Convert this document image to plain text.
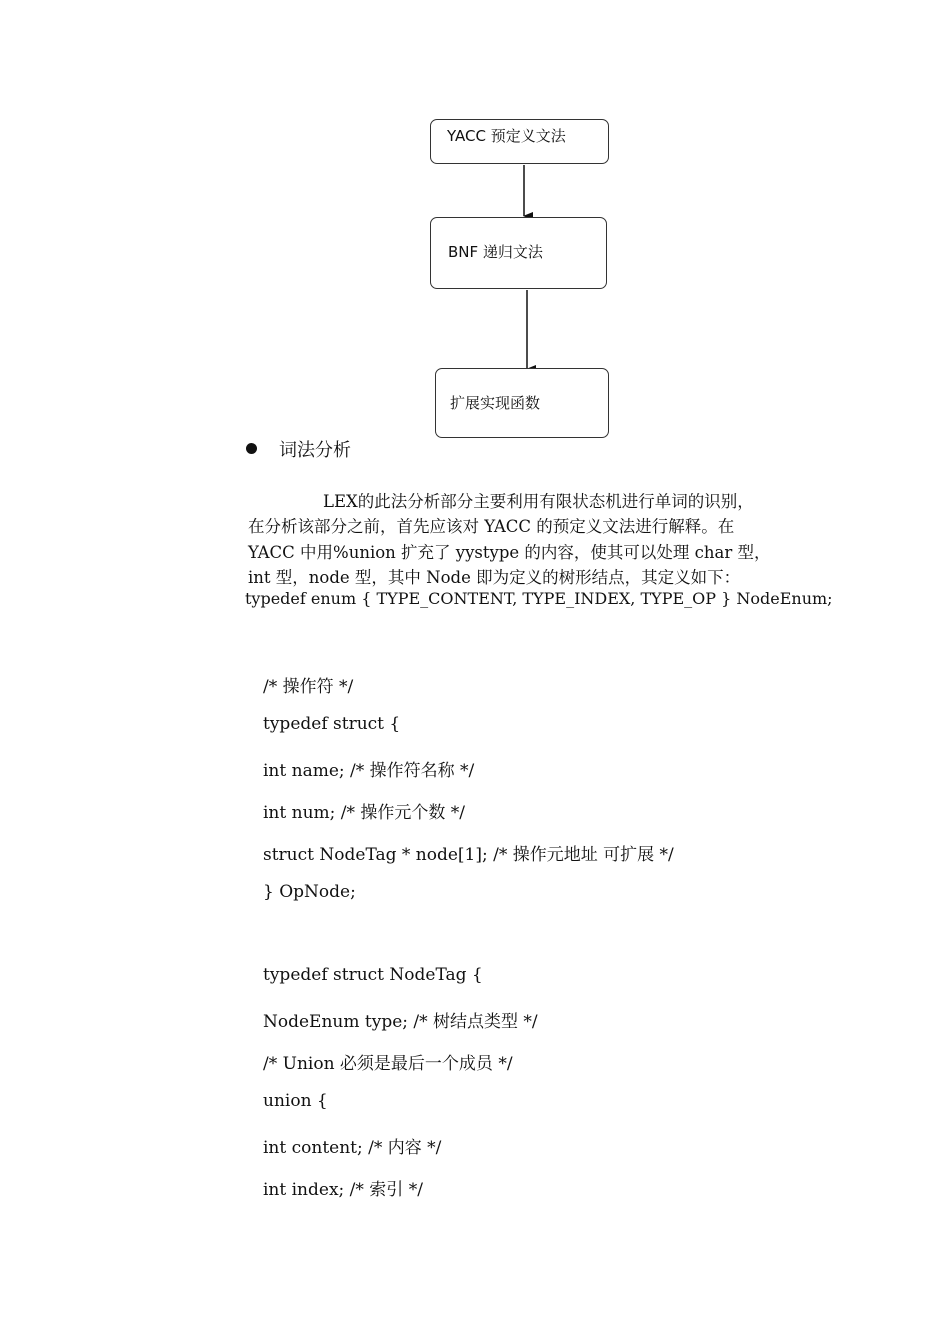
YACC 预定义文法
BNF 递归文法
扩展实现函数
词法分析
LEX的此法分析部分主要利用有限状态机进行单词的识别，
在分析该部分之前，首先应该对 YACC 的预定义文法进行解释。在
YACC 中用%union 扩充了 yystype 的内容，使其可以处理 char 型，
int 型，node 型，其中 Node 即为定义的树形结点，其定义如下：
typedef enum { TYPE_CONTENT, TYPE_INDEX, TYPE_OP } NodeEnum;
/* 操作符 */
typedef struct {
int name; /* 操作符名称 */
int num; /* 操作元个数 */
struct NodeTag * node[1]; /* 操作元地址 可扩展 */
} OpNode;
typedef struct NodeTag {
NodeEnum type; /* 树结点类型 */
/* Union 必须是最后一个成员 */
union {
int content; /* 内容 */
int index; /* 索引 */
